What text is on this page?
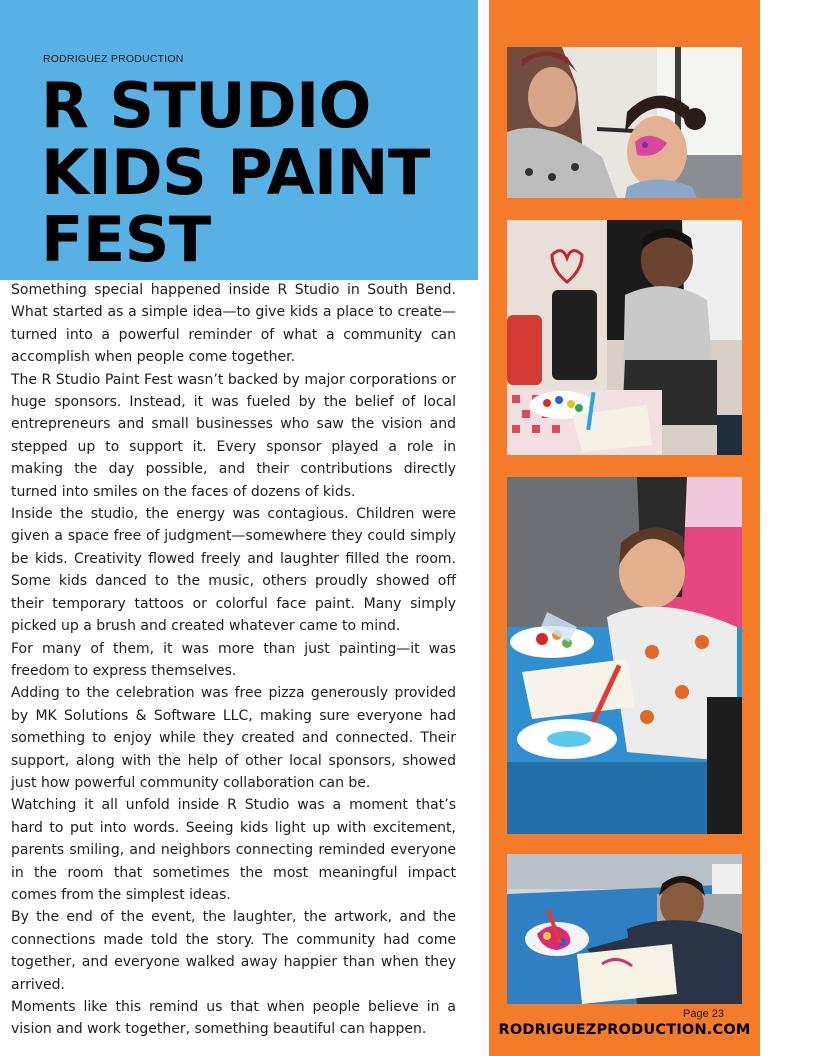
RODRIGUEZ PRODUCTION
R STUDIO
KIDS PAINT
FEST

Something special happened inside R Studio in South Bend. What started as a simple idea—to give kids a place to create—turned into a powerful reminder of what a community can accomplish when people come together.

The R Studio Paint Fest wasn’t backed by major corporations or huge sponsors. Instead, it was fueled by the belief of local entrepreneurs and small businesses who saw the vision and stepped up to support it. Every sponsor played a role in making the day possible, and their contributions directly turned into smiles on the faces of dozens of kids.

Inside the studio, the energy was contagious. Children were given a space free of judgment—somewhere they could simply be kids. Creativity flowed freely and laughter filled the room. Some kids danced to the music, others proudly showed off their temporary tattoos or colorful face paint. Many simply picked up a brush and created whatever came to mind.

For many of them, it was more than just painting—it was freedom to express themselves.

Adding to the celebration was free pizza generously provided by MK Solutions & Software LLC, making sure everyone had something to enjoy while they created and connected. Their support, along with the help of other local sponsors, showed just how powerful community collaboration can be.

Watching it all unfold inside R Studio was a moment that’s hard to put into words. Seeing kids light up with excitement, parents smiling, and neighbors connecting reminded everyone in the room that sometimes the most meaningful impact comes from the simplest ideas.

By the end of the event, the laughter, the artwork, and the connections made told the story. The community had come together, and everyone walked away happier than when they arrived.

Moments like this remind us that when people believe in a vision and work together, something beautiful can happen.

Page 23
RODRIGUEZPRODUCTION.COM
